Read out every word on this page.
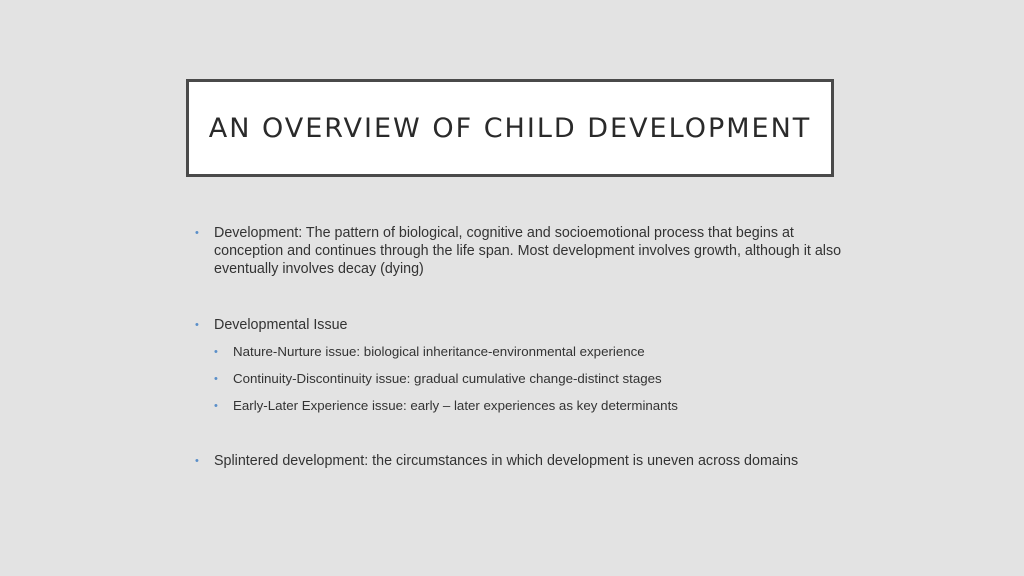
AN OVERVIEW OF CHILD DEVELOPMENT
•	Development: The pattern of biological, cognitive and socioemotional process that begins at conception and continues through the life span. Most development involves growth, although it also eventually involves decay (dying)
•	Developmental Issue
•	Nature-Nurture issue: biological inheritance-environmental experience
•	Continuity-Discontinuity issue: gradual cumulative change-distinct stages
•	Early-Later Experience issue: early – later experiences as key determinants
•	Splintered development: the circumstances in which development is uneven across domains
